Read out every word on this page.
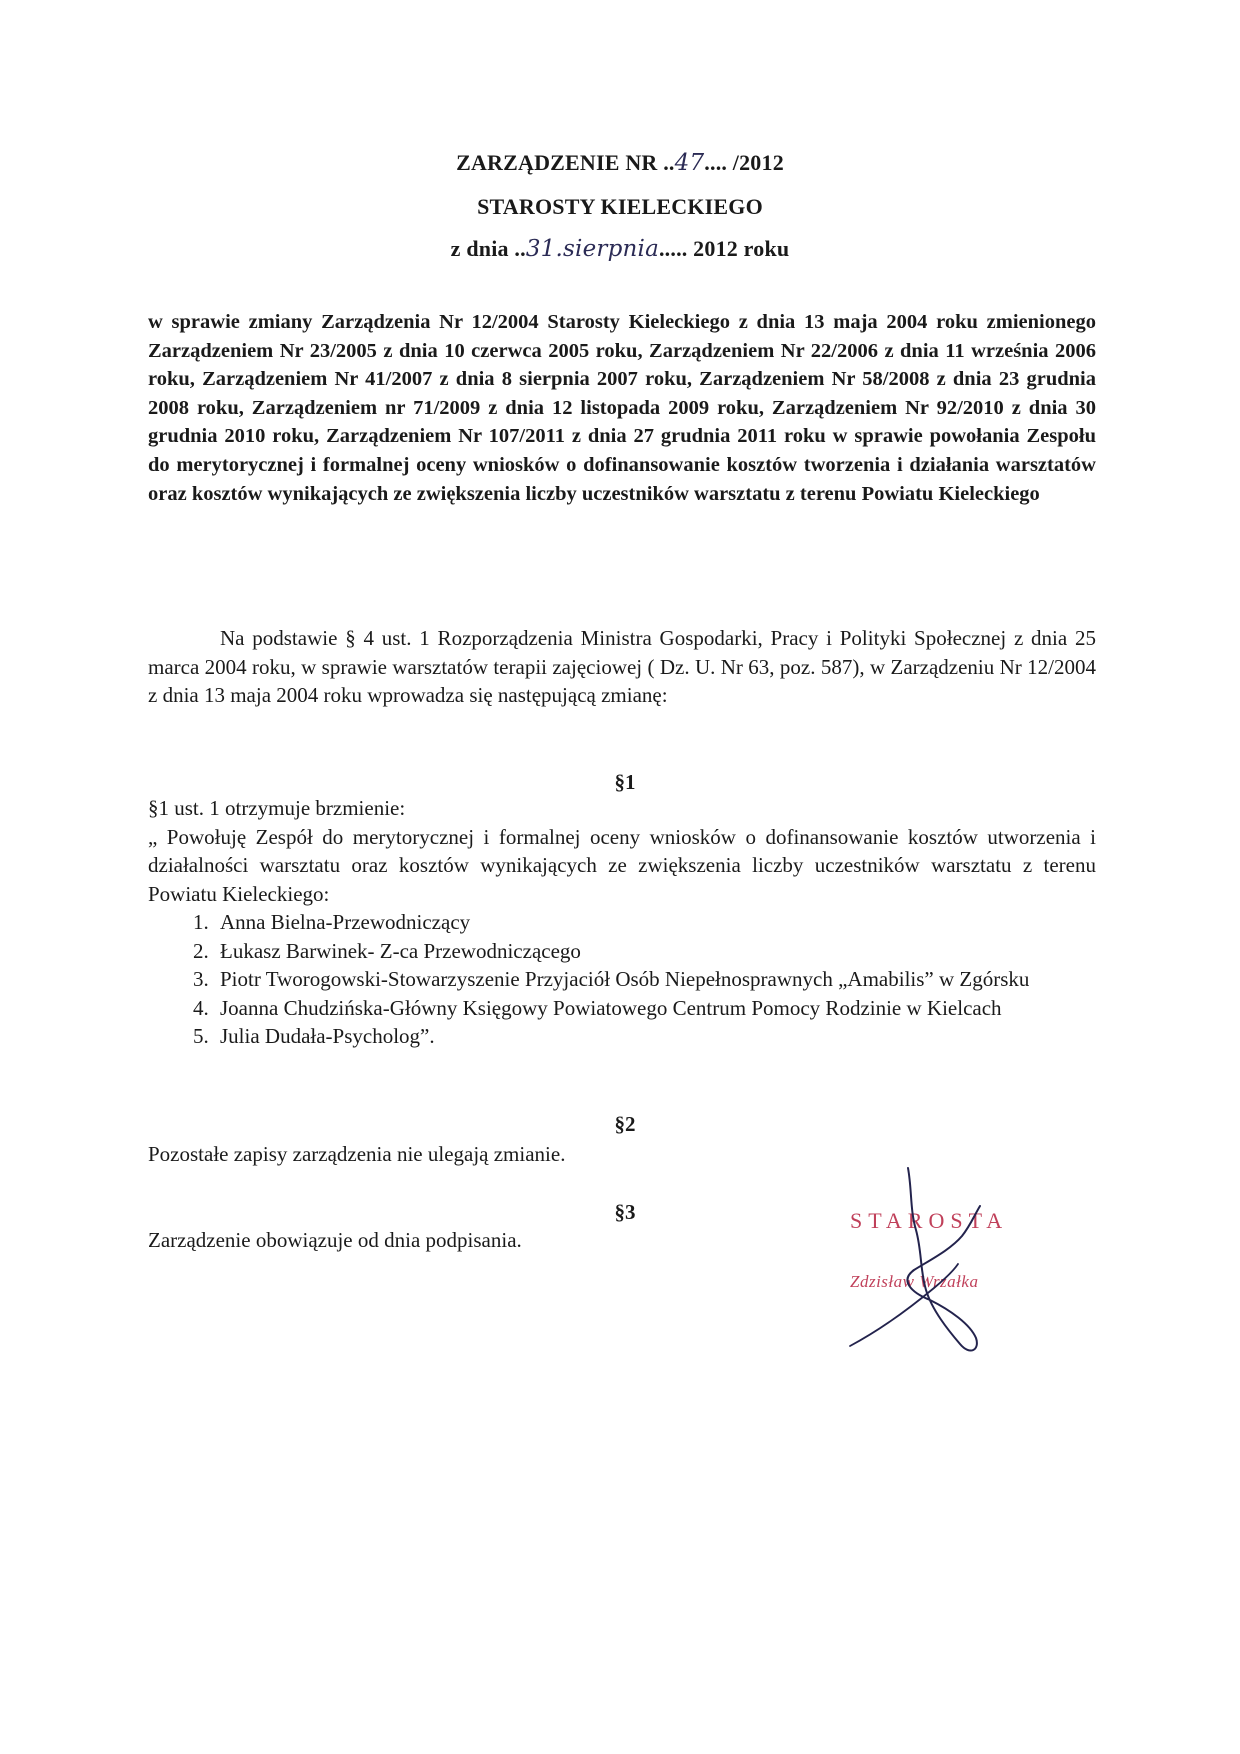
ZARZĄDZENIE NR ..47.... /2012
STAROSTY KIELECKIEGO
z dnia ..31.sierpnia..... 2012 roku
w sprawie zmiany Zarządzenia Nr 12/2004 Starosty Kieleckiego z dnia 13 maja 2004 roku zmienionego Zarządzeniem Nr 23/2005 z dnia 10 czerwca 2005 roku, Zarządzeniem Nr 22/2006 z dnia 11 września 2006 roku, Zarządzeniem Nr 41/2007 z dnia 8 sierpnia 2007 roku, Zarządzeniem Nr 58/2008 z dnia 23 grudnia 2008 roku, Zarządzeniem nr 71/2009 z dnia 12 listopada 2009 roku, Zarządzeniem Nr 92/2010 z dnia 30 grudnia 2010 roku, Zarządzeniem Nr 107/2011 z dnia 27 grudnia 2011 roku w sprawie powołania Zespołu do merytorycznej i formalnej oceny wniosków o dofinansowanie kosztów tworzenia i działania warsztatów oraz kosztów wynikających ze zwiększenia liczby uczestników warsztatu z terenu Powiatu Kieleckiego
Na podstawie § 4 ust. 1 Rozporządzenia Ministra Gospodarki, Pracy i Polityki Społecznej z dnia 25 marca 2004 roku, w sprawie warsztatów terapii zajęciowej ( Dz. U. Nr 63, poz. 587), w Zarządzeniu Nr 12/2004 z dnia 13 maja 2004 roku wprowadza się następującą zmianę:
§1
§1 ust. 1 otrzymuje brzmienie:
„ Powołuję Zespół do merytorycznej i formalnej oceny wniosków o dofinansowanie kosztów utworzenia i działalności warsztatu oraz kosztów wynikających ze zwiększenia liczby uczestników warsztatu z terenu Powiatu Kieleckiego:
1. Anna Bielna-Przewodniczący
2. Łukasz Barwinek- Z-ca Przewodniczącego
3. Piotr Tworogowski-Stowarzyszenie Przyjaciół Osób Niepełnosprawnych „Amabilis” w Zgórsku
4. Joanna Chudzińska-Główny Księgowy Powiatowego Centrum Pomocy Rodzinie w Kielcach
5. Julia Dudała-Psycholog”.
§2
Pozostałe zapisy zarządzenia nie ulegają zmianie.
§3
Zarządzenie obowiązuje od dnia podpisania.
STAROSTA
Zdzisław Wrzałka
